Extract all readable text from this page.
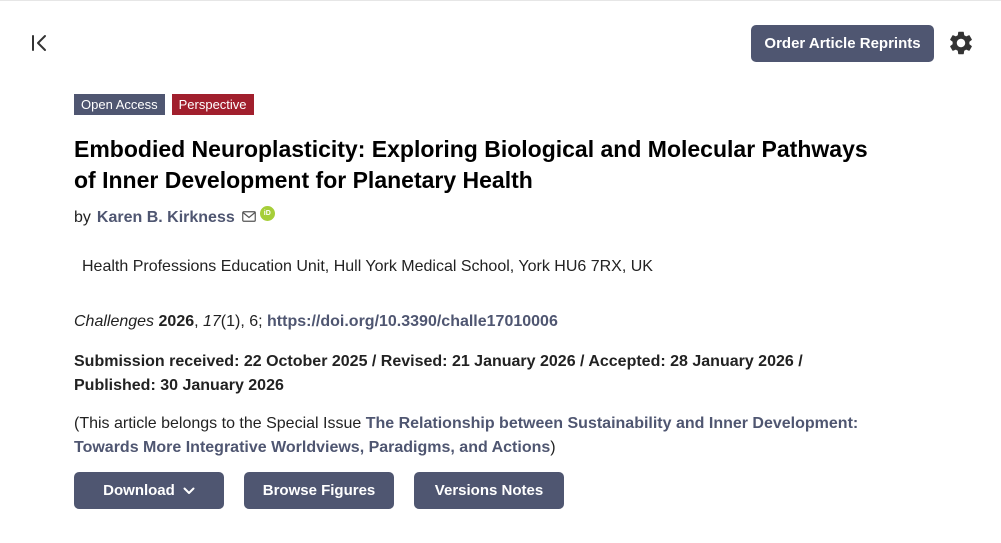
Order Article Reprints
Open Access	Perspective
Embodied Neuroplasticity: Exploring Biological and Molecular Pathways of Inner Development for Planetary Health
by Karen B. Kirkness	iD
Health Professions Education Unit, Hull York Medical School, York HU6 7RX, UK
Challenges 2026, 17(1), 6; https://doi.org/10.3390/challe17010006
Submission received: 22 October 2025 / Revised: 21 January 2026 / Accepted: 28 January 2026 / Published: 30 January 2026
(This article belongs to the Special Issue The Relationship between Sustainability and Inner Development: Towards More Integrative Worldviews, Paradigms, and Actions)
Download	Browse Figures	Versions Notes
